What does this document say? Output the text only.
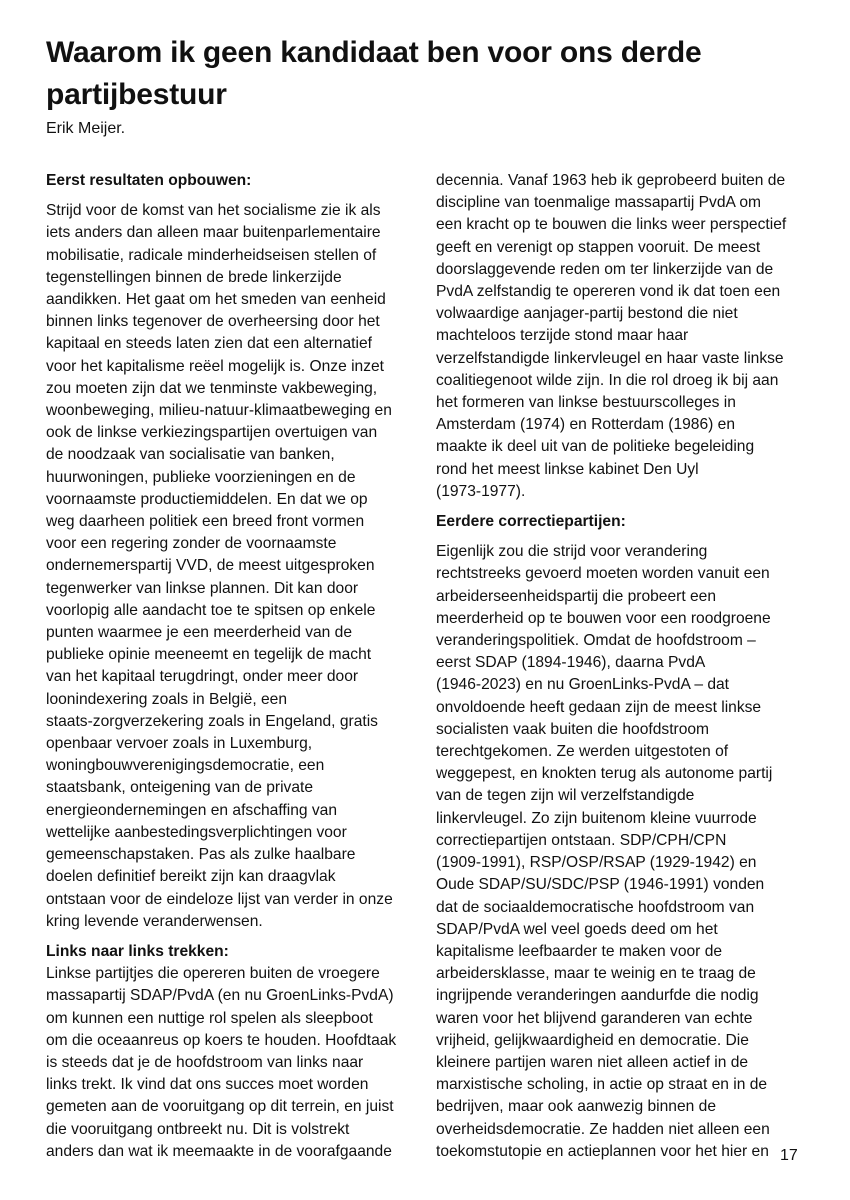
Waarom ik geen kandidaat ben voor ons derde partijbestuur

Erik Meijer.

Eerst resultaten opbouwen:

Strijd voor de komst van het socialisme zie ik als
iets anders dan alleen maar buitenparlementaire
mobilisatie, radicale minderheidseisen stellen of
tegenstellingen binnen de brede linkerzijde
aandikken. Het gaat om het smeden van eenheid
binnen links tegenover de overheersing door het
kapitaal en steeds laten zien dat een alternatief
voor het kapitalisme reëel mogelijk is. Onze inzet
zou moeten zijn dat we tenminste vakbeweging,
woonbeweging, milieu-natuur-klimaatbeweging en
ook de linkse verkiezingspartijen overtuigen van
de noodzaak van socialisatie van banken,
huurwoningen, publieke voorzieningen en de
voornaamste productiemiddelen. En dat we op
weg daarheen politiek een breed front vormen
voor een regering zonder de voornaamste
ondernemerspartij VVD, de meest uitgesproken
tegenwerker van linkse plannen. Dit kan door
voorlopig alle aandacht toe te spitsen op enkele
punten waarmee je een meerderheid van de
publieke opinie meeneemt en tegelijk de macht
van het kapitaal terugdringt, onder meer door
loonindexering zoals in België, een
staats-zorgverzekering zoals in Engeland, gratis
openbaar vervoer zoals in Luxemburg,
woningbouwverenigingsdemocratie, een
staatsbank, onteigening van de private
energieondernemingen en afschaffing van
wettelijke aanbestedingsverplichtingen voor
gemeenschapstaken. Pas als zulke haalbare
doelen definitief bereikt zijn kan draagvlak
ontstaan voor de eindeloze lijst van verder in onze
kring levende veranderwensen.

Links naar links trekken:

Linkse partijtjes die opereren buiten de vroegere
massapartij SDAP/PvdA (en nu GroenLinks-PvdA)
om kunnen een nuttige rol spelen als sleepboot
om die oceaanreus op koers te houden. Hoofdtaak
is steeds dat je de hoofdstroom van links naar
links trekt. Ik vind dat ons succes moet worden
gemeten aan de vooruitgang op dit terrein, en juist
die vooruitgang ontbreekt nu. Dit is volstrekt
anders dan wat ik meemaakte in de voorafgaande

decennia. Vanaf 1963 heb ik geprobeerd buiten de
discipline van toenmalige massapartij PvdA om
een kracht op te bouwen die links weer perspectief
geeft en verenigt op stappen vooruit. De meest
doorslaggevende reden om ter linkerzijde van de
PvdA zelfstandig te opereren vond ik dat toen een
volwaardige aanjager-partij bestond die niet
machteloos terzijde stond maar haar
verzelfstandigde linkervleugel en haar vaste linkse
coalitiegenoot wilde zijn. In die rol droeg ik bij aan
het formeren van linkse bestuurscolleges in
Amsterdam (1974) en Rotterdam (1986) en
maakte ik deel uit van de politieke begeleiding
rond het meest linkse kabinet Den Uyl
(1973-1977).

Eerdere correctiepartijen:

Eigenlijk zou die strijd voor verandering
rechtstreeks gevoerd moeten worden vanuit een
arbeiderseenheidspartij die probeert een
meerderheid op te bouwen voor een roodgroene
veranderingspolitiek. Omdat de hoofdstroom –
eerst SDAP (1894-1946), daarna PvdA
(1946-2023) en nu GroenLinks-PvdA – dat
onvoldoende heeft gedaan zijn de meest linkse
socialisten vaak buiten die hoofdstroom
terechtgekomen. Ze werden uitgestoten of
weggepest, en knokten terug als autonome partij
van de tegen zijn wil verzelfstandigde
linkervleugel. Zo zijn buitenom kleine vuurrode
correctiepartijen ontstaan. SDP/CPH/CPN
(1909-1991), RSP/OSP/RSAP (1929-1942) en
Oude SDAP/SU/SDC/PSP (1946-1991) vonden
dat de sociaaldemocratische hoofdstroom van
SDAP/PvdA wel veel goeds deed om het
kapitalisme leefbaarder te maken voor de
arbeidersklasse, maar te weinig en te traag de
ingrijpende veranderingen aandurfde die nodig
waren voor het blijvend garanderen van echte
vrijheid, gelijkwaardigheid en democratie. Die
kleinere partijen waren niet alleen actief in de
marxistische scholing, in actie op straat en in de
bedrijven, maar ook aanwezig binnen de
overheidsdemocratie. Ze hadden niet alleen een
toekomstutopie en actieplannen voor het hier en 17
